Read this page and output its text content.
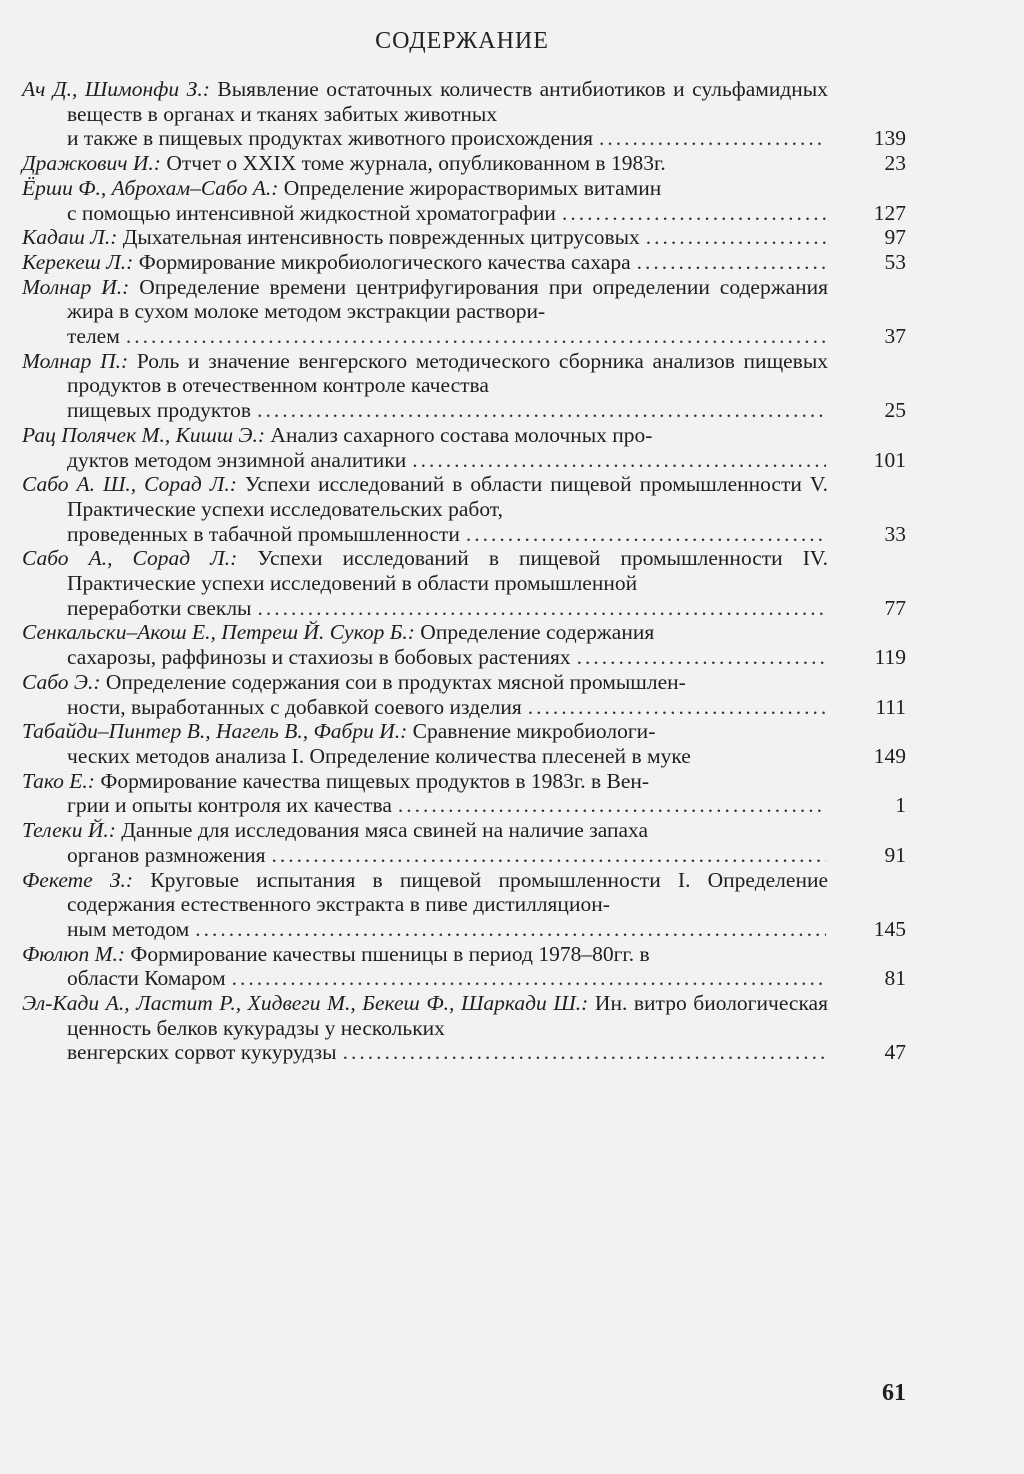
СОДЕРЖАНИЕ
Ач Д., Шимонфи З.: Выявление остаточных количеств антибиотиков и сульфамидных веществ в органах и тканях забитых животных
и также в пищевых продуктах животного происхождения .....	139
Дражкович И.:
Отчет о XXIX томе журнала, опубликованном в 1983г.	23
Ёрши Ф., Аброхам–Сабо А.: Определение жирорастворимых витамин
с помощью интенсивной жидкостной хроматографии .....	127
Кадаш Л.:
Дыхательная интенсивность поврежденных цитрусовых .....	97
Керекеш Л.:
Формирование микробиологического качества сахара .....	53
Молнар И.: Определение времени центрифугирования при определении содержания жира в сухом молоке методом экстракции раствори-
телем .....	37
Молнар П.: Роль и значение венгерского методического сборника анализов пищевых продуктов в отечественном контроле качества
пищевых продуктов .....	25
Рац Полячек М., Кишш Э.: Анализ сахарного состава молочных про-
дуктов методом энзимной аналитики .....	101
Сабо А. Ш., Сорад Л.: Успехи исследований в области пищевой промышленности V. Практические успехи исследовательских работ,
проведенных в табачной промышленности .....	33
Сабо А., Сорад Л.: Успехи исследований в пищевой промышленности IV. Практические успехи исследовений в области промышленной
переработки свеклы .....	77
Сенкальски–Акош Е., Петреш Й. Сукор Б.: Определение содержания
сахарозы, раффинозы и стахиозы в бобовых растениях .....	119
Сабо Э.: Определение содержания сои в продуктах мясной промышлен-
ности, выработанных с добавкой соевого изделия .....	111
Табайди–Пинтер В., Нагель В., Фабри И.: Сравнение микробиологи-
ческих методов анализа I. Определение количества плесеней в муке	149
Тако Е.: Формирование качества пищевых продуктов в 1983г. в Вен-
грии и опыты контроля их качества .....	1
Телеки Й.: Данные для исследования мяса свиней на наличие запаха
органов размножения .....	91
Фекете З.: Круговые испытания в пищевой промышленности I. Определение содержания естественного экстракта в пиве дистилляцион-
ным методом .....	145
Фюлюп М.: Формирование качествы пшеницы в период 1978–80гг. в
области Комаром .....	81
Эл-Кади А., Ластит Р., Хидвеги М., Бекеш Ф., Шаркади Ш.: Ин. витро биологическая ценность белков кукурадзы у нескольких
венгерских сорвот кукурудзы .....	47
61
